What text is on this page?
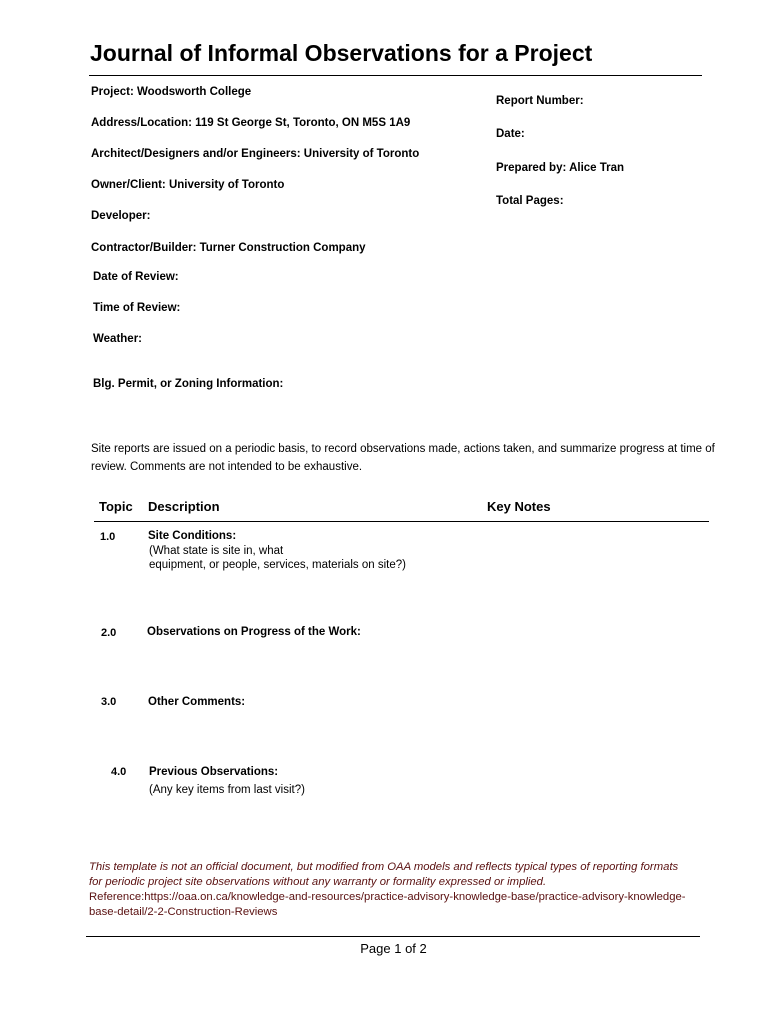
Journal of Informal Observations for a Project
Project: Woodsworth College
Address/Location: 119 St George St, Toronto, ON M5S 1A9
Architect/Designers and/or Engineers: University of Toronto
Owner/Client: University of Toronto
Developer:
Contractor/Builder: Turner Construction Company
Date of Review:
Time of Review:
Weather:
Blg. Permit, or Zoning Information:
Report Number:
Date:
Prepared by: Alice Tran
Total Pages:
Site reports are issued on a periodic basis, to record observations made, actions taken, and summarize progress at time of review. Comments are not intended to be exhaustive.
Topic Description	Key Notes
1.0	Site Conditions:
(What state is site in, what
equipment, or people, services, materials on site?)
2.0	Observations on Progress of the Work:
3.0	Other Comments:
4.0 Previous Observations:
(Any key items from last visit?)
This template is not an official document, but modified from OAA models and reflects typical types of reporting formats for periodic project site observations without any warranty or formality expressed or implied.
Reference:https://oaa.on.ca/knowledge-and-resources/practice-advisory-knowledge-base/practice-advisory-knowledge-base-detail/2-2-Construction-Reviews
Page 1 of 2
